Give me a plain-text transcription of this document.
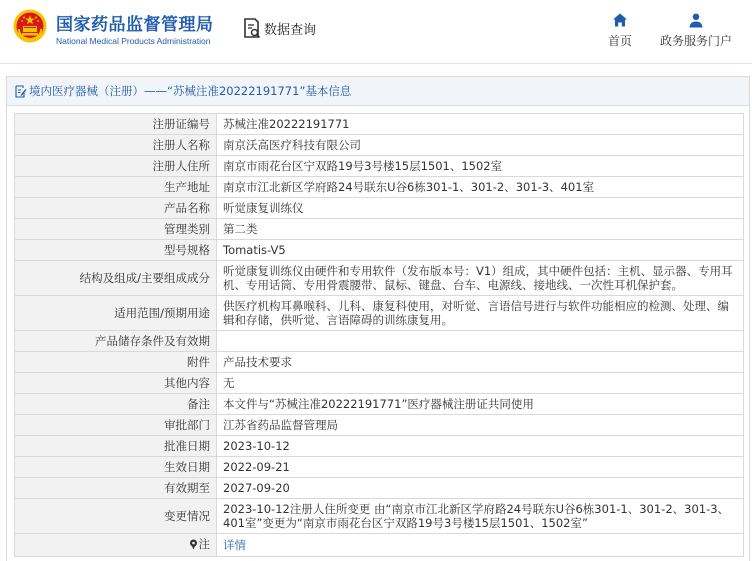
国家药品监督管理局
National Medical Products Administration
数据查询
首页	政务服务门户
境内医疗器械（注册）——“苏械注准20222191771”基本信息
注册证编号	苏械注准20222191771
注册人名称	南京沃高医疗科技有限公司
注册人住所	南京市雨花台区宁双路19号3号楼15层1501、1502室
生产地址	南京市江北新区学府路24号联东U谷6栋301-1、301-2、301-3、401室
产品名称	听觉康复训练仪
管理类别	第二类
型号规格	Tomatis-V5
结构及组成/主要组成成分	听觉康复训练仪由硬件和专用软件（发布版本号：V1）组成，其中硬件包括：主机、显示器、专用耳机、专用话筒、专用骨震腰带、鼠标、键盘、台车、电源线、接地线、一次性耳机保护套。
适用范围/预期用途	供医疗机构耳鼻喉科、儿科、康复科使用，对听觉、言语信号进行与软件功能相应的检测、处理、编辑和存储，供听觉、言语障碍的训练康复用。
产品储存条件及有效期	
附件	产品技术要求
其他内容	无
备注	本文件与“苏械注准20222191771”医疗器械注册证共同使用
审批部门	江苏省药品监督管理局
批准日期	2023-10-12
生效日期	2022-09-21
有效期至	2027-09-20
变更情况	2023-10-12注册人住所变更 由“南京市江北新区学府路24号联东U谷6栋301-1、301-2、301-3、401室”变更为“南京市雨花台区宁双路19号3号楼15层1501、1502室”

注	详情
